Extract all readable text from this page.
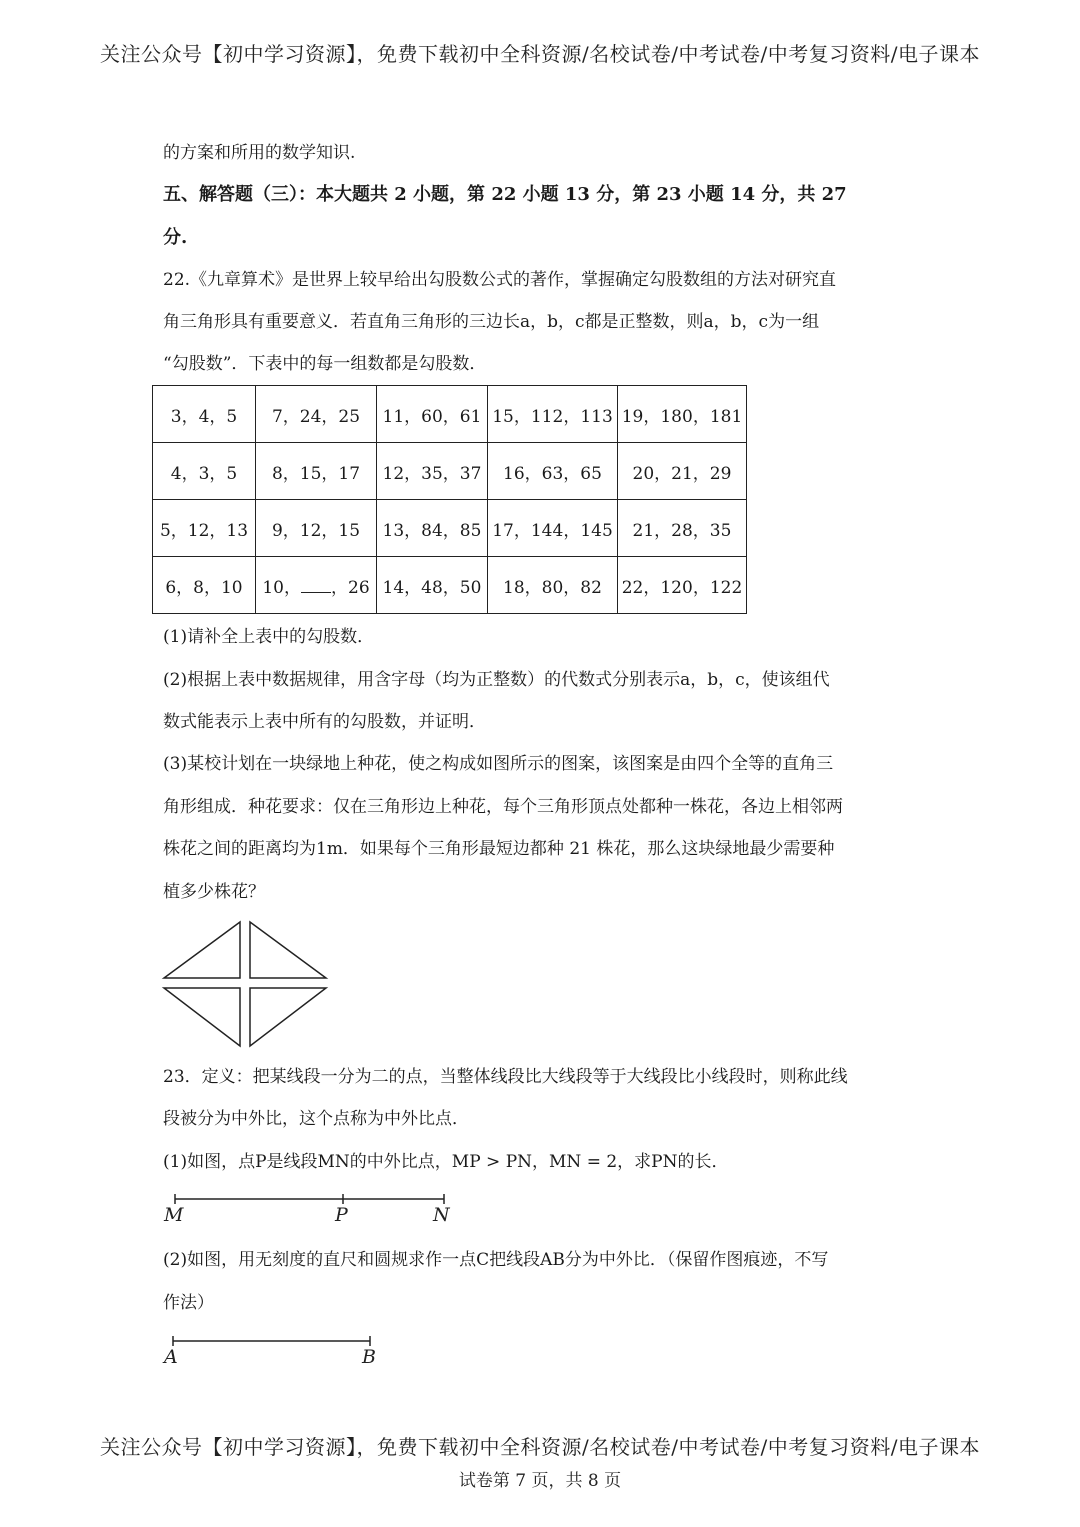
关注公众号【初中学习资源】，免费下载初中全科资源/名校试卷/中考试卷/中考复习资料/电子课本
的方案和所用的数学知识.
五、解答题（三）：本大题共 2 小题，第 22 小题 13 分，第 23 小题 14 分，共 27
分.
22.《九章算术》是世界上较早给出勾股数公式的著作，掌握确定勾股数组的方法对研究直
角三角形具有重要意义．若直角三角形的三边长a，b，c都是正整数，则a，b，c为一组
“勾股数”．下表中的每一组数都是勾股数．
3，4，5	7，24，25	11，60，61	15，112，113	19，180，181
4，3，5	8，15，17	12，35，37	16，63，65	20，21，29
5，12，13	9，12，15	13，84，85	17，144，145	21，28，35
6，8，10	10， ，26	14，48，50	18，80，82	22，120，122
(1)请补全上表中的勾股数．
(2)根据上表中数据规律，用含字母（均为正整数）的代数式分别表示a，b，c，使该组代
数式能表示上表中所有的勾股数，并证明．
(3)某校计划在一块绿地上种花，使之构成如图所示的图案，该图案是由四个全等的直角三
角形组成．种花要求：仅在三角形边上种花，每个三角形顶点处都种一株花，各边上相邻两
株花之间的距离均为1m．如果每个三角形最短边都种 21 株花，那么这块绿地最少需要种
植多少株花？
23．定义：把某线段一分为二的点，当整体线段比大线段等于大线段比小线段时，则称此线
段被分为中外比，这个点称为中外比点．
(1)如图，点P是线段MN的中外比点，MP > PN，MN = 2，求PN的长．
M	P	N
(2)如图，用无刻度的直尺和圆规求作一点C把线段AB分为中外比．（保留作图痕迹，不写
作法）
A	B
关注公众号【初中学习资源】，免费下载初中全科资源/名校试卷/中考试卷/中考复习资料/电子课本
试卷第 7 页，共 8 页
